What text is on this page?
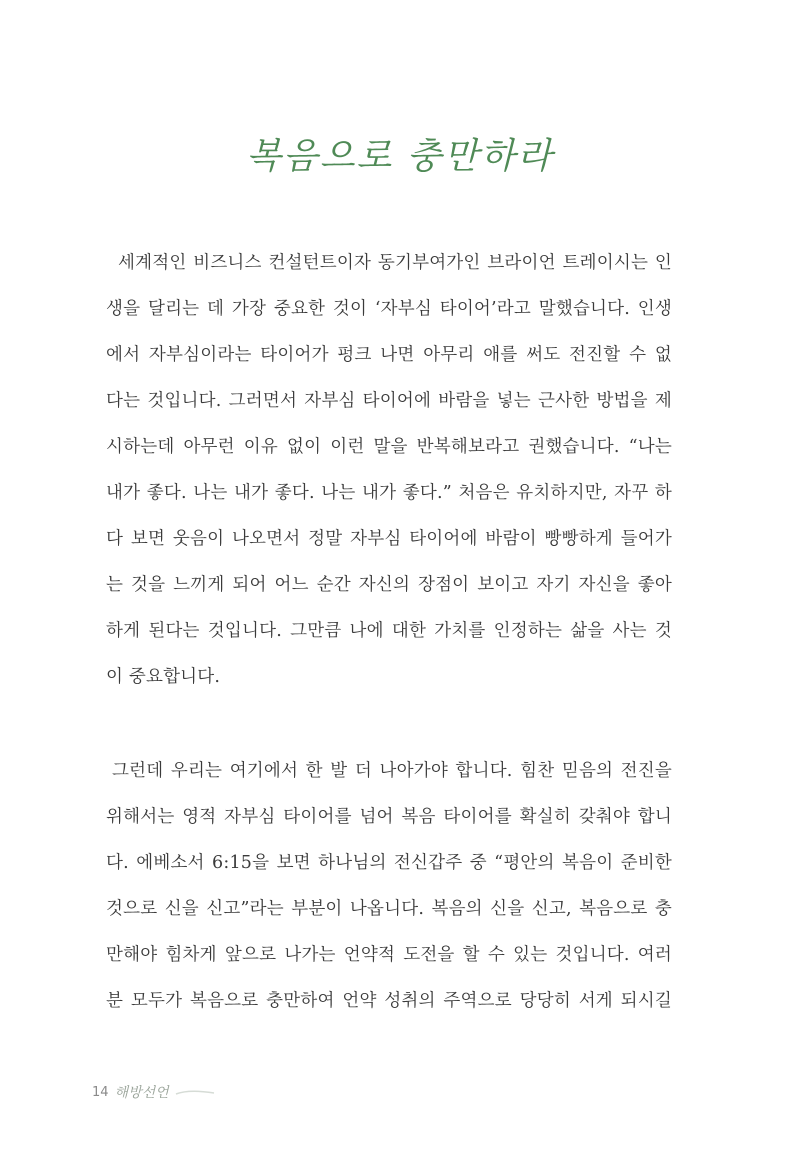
복음으로 충만하라

세계적인 비즈니스 컨설턴트이자 동기부여가인 브라이언 트레이시는 인
생을 달리는 데 가장 중요한 것이 ‘자부심 타이어’라고 말했습니다. 인생
에서 자부심이라는 타이어가 펑크 나면 아무리 애를 써도 전진할 수 없
다는 것입니다. 그러면서 자부심 타이어에 바람을 넣는 근사한 방법을 제
시하는데 아무런 이유 없이 이런 말을 반복해보라고 권했습니다. “나는
내가 좋다. 나는 내가 좋다. 나는 내가 좋다.” 처음은 유치하지만, 자꾸 하
다 보면 웃음이 나오면서 정말 자부심 타이어에 바람이 빵빵하게 들어가
는 것을 느끼게 되어 어느 순간 자신의 장점이 보이고 자기 자신을 좋아
하게 된다는 것입니다. 그만큼 나에 대한 가치를 인정하는 삶을 사는 것
이 중요합니다.

그런데 우리는 여기에서 한 발 더 나아가야 합니다. 힘찬 믿음의 전진을
위해서는 영적 자부심 타이어를 넘어 복음 타이어를 확실히 갖춰야 합니
다. 에베소서 6:15을 보면 하나님의 전신갑주 중 “평안의 복음이 준비한
것으로 신을 신고”라는 부분이 나옵니다. 복음의 신을 신고, 복음으로 충
만해야 힘차게 앞으로 나가는 언약적 도전을 할 수 있는 것입니다. 여러
분 모두가 복음으로 충만하여 언약 성취의 주역으로 당당히 서게 되시길

14 해방선언
